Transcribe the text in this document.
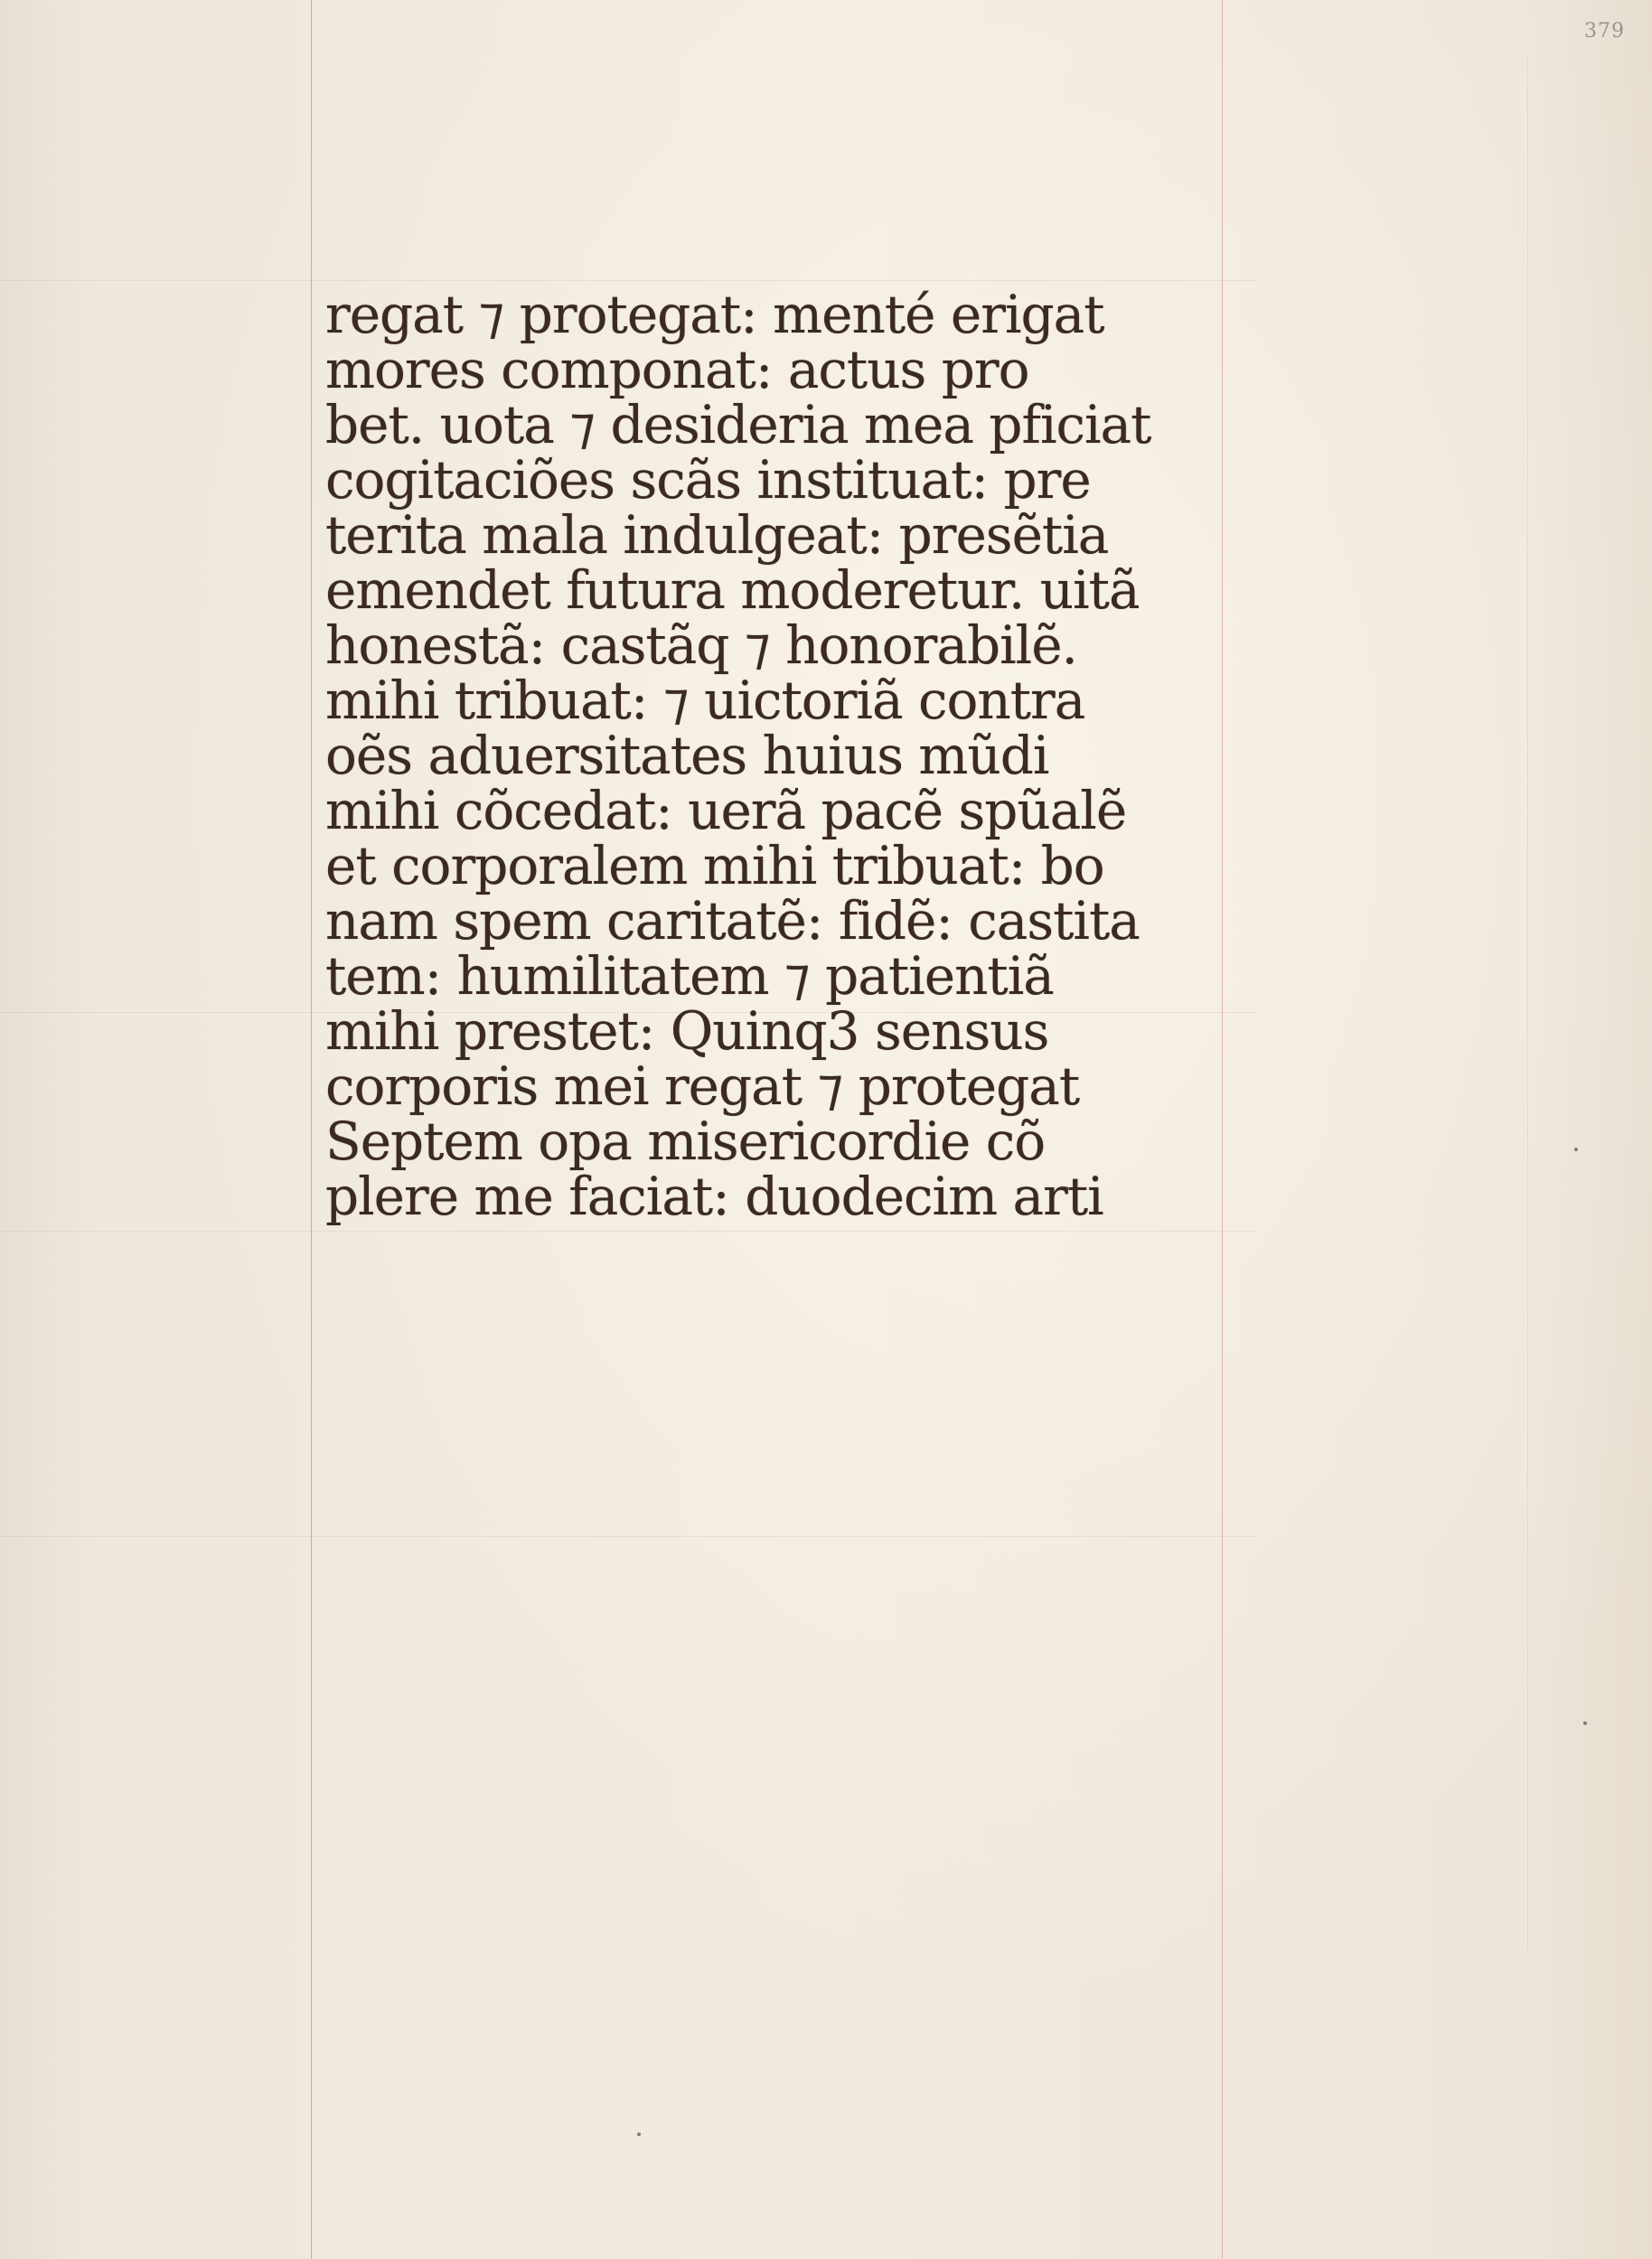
379
regat ⁊ protegat: menté erigat
mores componat: actus pro
bet. uota ⁊ desideria mea pficiat
cogitaciões scãs instituat: pre
terita mala indulgeat: presẽtia
emendet futura moderetur. uitã
honestã: castãq ⁊ honorabilẽ.
mihi tribuat: ⁊ uictoriã contra
oẽs aduersitates huius mũdi
mihi cõcedat: uerã pacẽ spũalẽ
et corporalem mihi tribuat: bo
nam spem caritatẽ: fidẽ: castita
tem: humilitatem ⁊ patientiã
mihi prestet: Quinq3 sensus
corporis mei regat ⁊ protegat
Septem opa misericordie cõ
plere me faciat: duodecim arti
